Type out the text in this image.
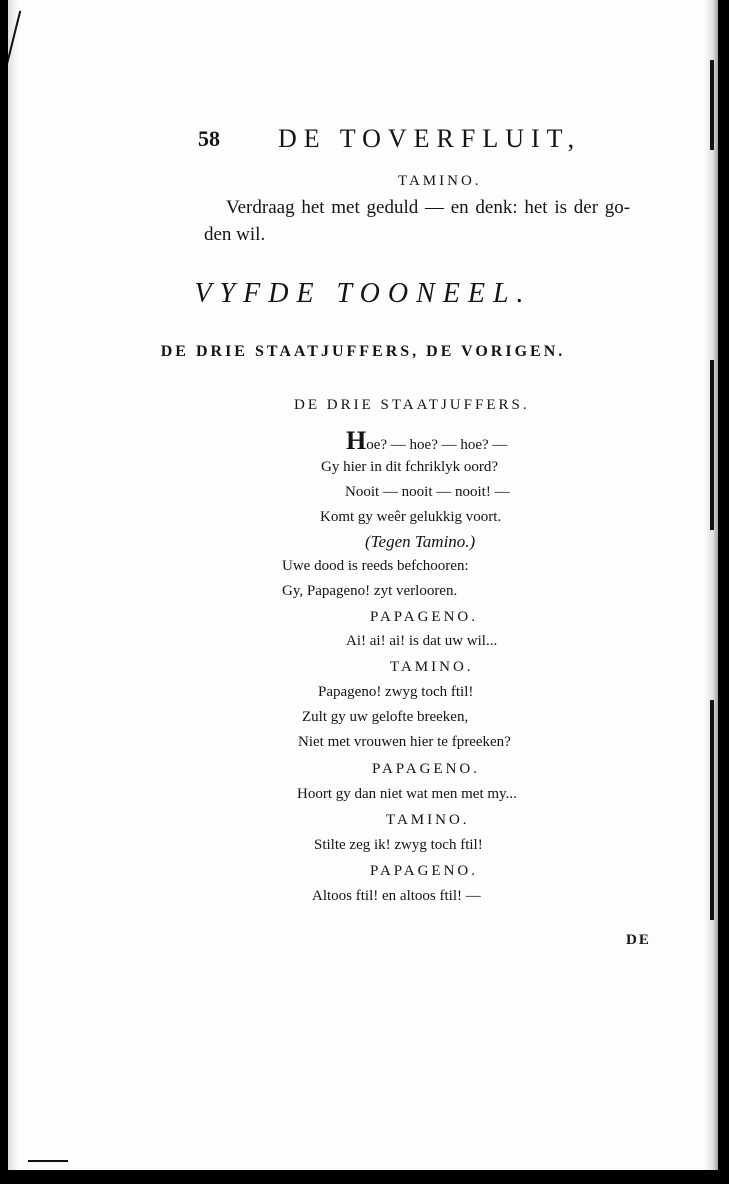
58 DE TOVERFLUIT,
TAMINO.
Verdraag het met geduld — en denk: het is der go-
den wil.
VYFDE TOONEEL.
DE DRIE STAATJUFFERS, DE VORIGEN.
DE DRIE STAATJUFFERS.
Hoe? — hoe? — hoe? —
Gy hier in dit fchriklyk oord?
Nooit — nooit — nooit! —
Komt gy weêr gelukkig voort.
(Tegen Tamino.)
Uwe dood is reeds befchooren:
Gy, Papageno! zyt verlooren.
PAPAGENO.
Ai! ai! ai! is dat uw wil...
TAMINO.
Papageno! zwyg toch ftil!
Zult gy uw gelofte breeken,
Niet met vrouwen hier te fpreeken?
PAPAGENO.
Hoort gy dan niet wat men met my...
TAMINO.
Stilte zeg ik! zwyg toch ftil!
PAPAGENO.
Altoos ftil! en altoos ftil! —
DE
